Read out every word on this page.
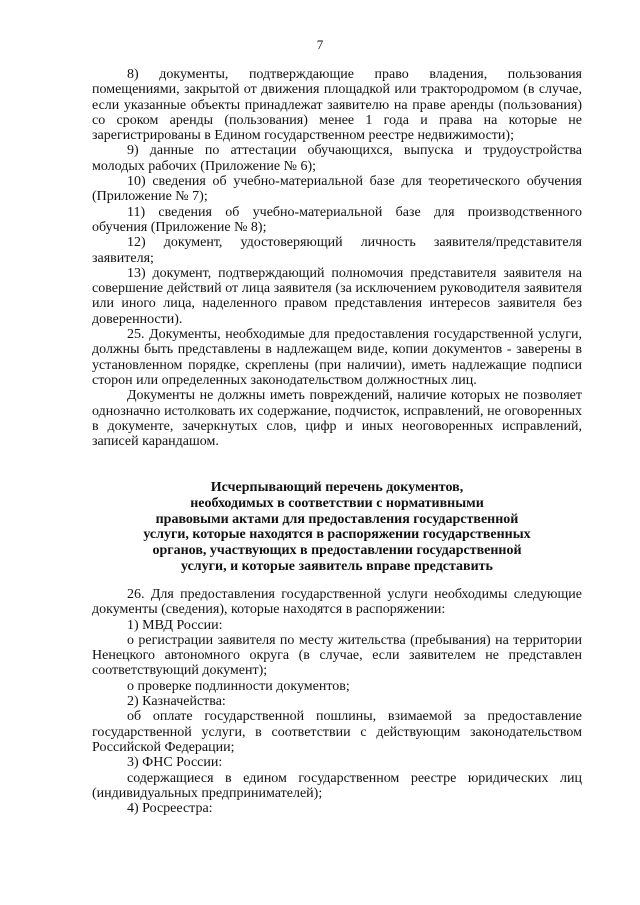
7

8) документы, подтверждающие право владения, пользования помещениями, закрытой от движения площадкой или трактородромом (в случае, если указанные объекты принадлежат заявителю на праве аренды (пользования) со сроком аренды (пользования) менее 1 года и права на которые не зарегистрированы в Едином государственном реестре недвижимости);

9) данные по аттестации обучающихся, выпуска и трудоустройства молодых рабочих (Приложение № 6);

10) сведения об учебно-материальной базе для теоретического обучения (Приложение № 7);

11) сведения об учебно-материальной базе для производственного обучения (Приложение № 8);

12) документ, удостоверяющий личность заявителя/представителя заявителя;

13) документ, подтверждающий полномочия представителя заявителя на совершение действий от лица заявителя (за исключением руководителя заявителя или иного лица, наделенного правом представления интересов заявителя без доверенности).

25. Документы, необходимые для предоставления государственной услуги, должны быть представлены в надлежащем виде, копии документов - заверены в установленном порядке, скреплены (при наличии), иметь надлежащие подписи сторон или определенных законодательством должностных лиц.

Документы не должны иметь повреждений, наличие которых не позволяет однозначно истолковать их содержание, подчисток, исправлений, не оговоренных в документе, зачеркнутых слов, цифр и иных неоговоренных исправлений, записей карандашом.

Исчерпывающий перечень документов,
необходимых в соответствии с нормативными
правовыми актами для предоставления государственной
услуги, которые находятся в распоряжении государственных
органов, участвующих в предоставлении государственной
услуги, и которые заявитель вправе представить

26. Для предоставления государственной услуги необходимы следующие документы (сведения), которые находятся в распоряжении:

1) МВД России:

о регистрации заявителя по месту жительства (пребывания) на территории Ненецкого автономного округа (в случае, если заявителем не представлен соответствующий документ);

о проверке подлинности документов;

2) Казначейства:

об оплате государственной пошлины, взимаемой за предоставление государственной услуги, в соответствии с действующим законодательством Российской Федерации;

3) ФНС России:

содержащиеся в едином государственном реестре юридических лиц (индивидуальных предпринимателей);

4) Росреестра:
